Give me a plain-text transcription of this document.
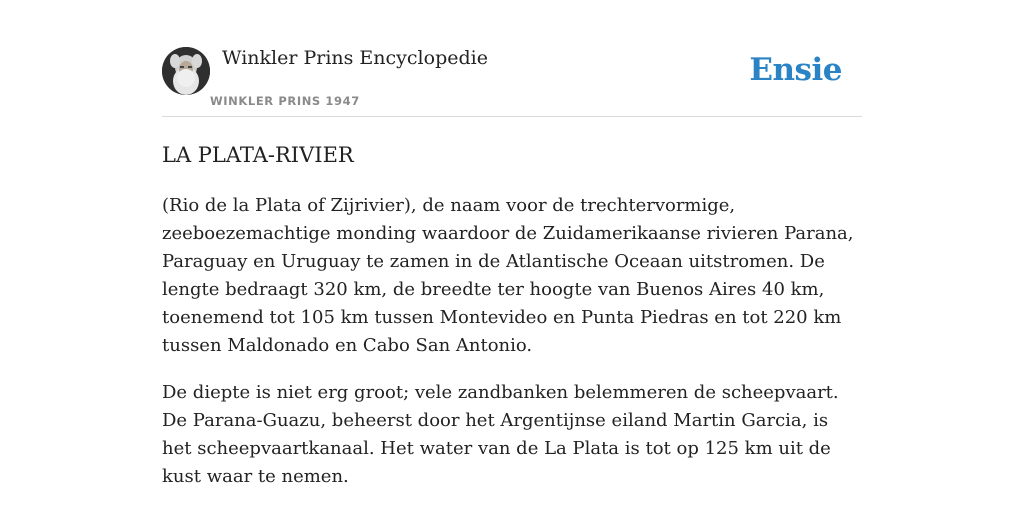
Winkler Prins Encyclopedie
WINKLER PRINS 1947
Ensie
LA PLATA-RIVIER

(Rio de la Plata of Zijrivier), de naam voor de trechtervormige, zeeboezemachtige monding waardoor de Zuidamerikaanse rivieren Parana, Paraguay en Uruguay te zamen in de Atlantische Oceaan uitstromen. De lengte bedraagt 320 km, de breedte ter hoogte van Buenos Aires 40 km, toenemend tot 105 km tussen Montevideo en Punta Piedras en tot 220 km tussen Maldonado en Cabo San Antonio.

De diepte is niet erg groot; vele zandbanken belemmeren de scheepvaart. De Parana-Guazu, beheerst door het Argentijnse eiland Martin Garcia, is het scheepvaartkanaal. Het water van de La Plata is tot op 125 km uit de kust waar te nemen.
